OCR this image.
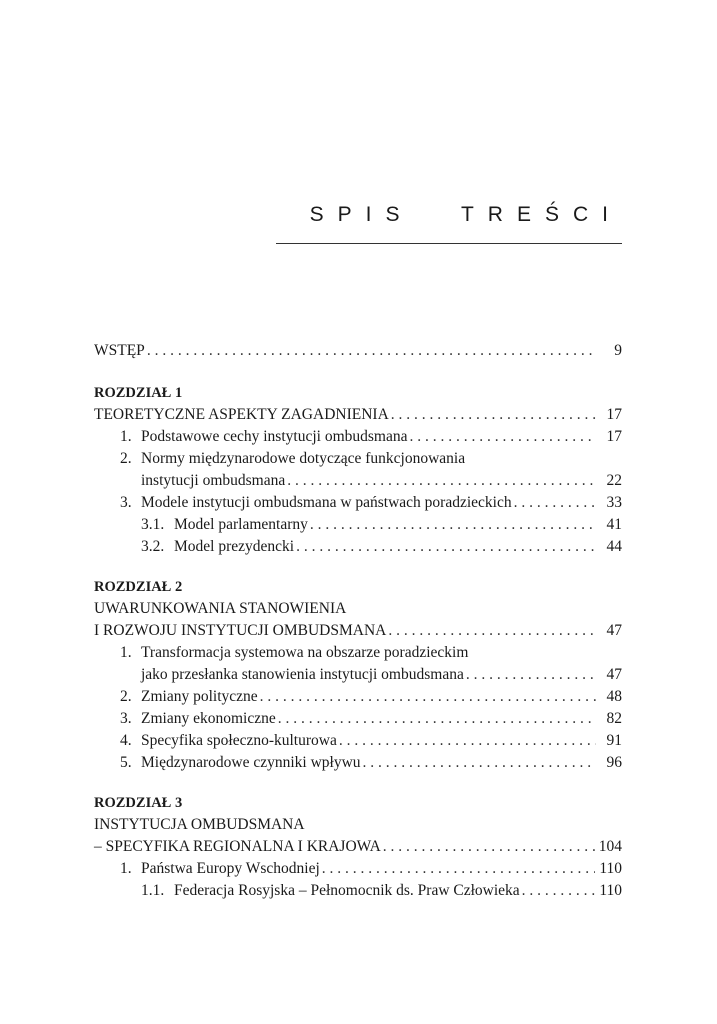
SPIS TREŚCI
WSTĘP . . .	9
ROZDZIAŁ 1
TEORETYCZNE ASPEKTY ZAGADNIENIA . . .	17
1. Podstawowe cechy instytucji ombudsmana . . .	17
2. Normy międzynarodowe dotyczące funkcjonowania
instytucji ombudsmana . . .	22
3. Modele instytucji ombudsmana w państwach poradzieckich . . .	33
3.1. Model parlamentarny . . .	41
3.2. Model prezydencki . . .	44
ROZDZIAŁ 2
UWARUNKOWANIA STANOWIENIA
I ROZWOJU INSTYTUCJI OMBUDSMANA . . .	47
1. Transformacja systemowa na obszarze poradzieckim
jako przesłanka stanowienia instytucji ombudsmana . . .	47
2. Zmiany polityczne . . .	48
3. Zmiany ekonomiczne . . .	82
4. Specyfika społeczno-kulturowa . . .	91
5. Międzynarodowe czynniki wpływu . . .	96
ROZDZIAŁ 3
INSTYTUCJA OMBUDSMANA
– SPECYFIKA REGIONALNA I KRAJOWA . . .	104
1. Państwa Europy Wschodniej . . .	110
1.1. Federacja Rosyjska – Pełnomocnik ds. Praw Człowieka . . .	110
